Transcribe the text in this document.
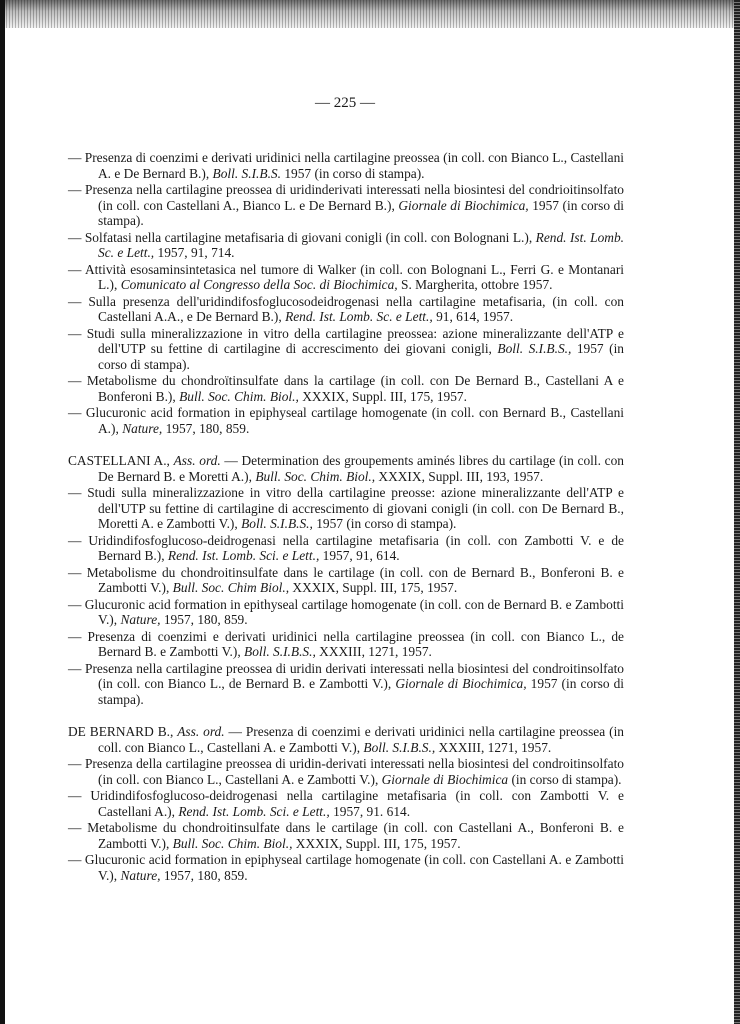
— 225 —

— Presenza di coenzimi e derivati uridinici nella cartilagine preossea (in coll. con Bianco L., Castellani A. e De Bernard B.), Boll. S.I.B.S. 1957 (in corso di stampa).

— Presenza nella cartilagine preossea di uridinderivati interessati nella biosintesi del condrioitinsolfato (in coll. con Castellani A., Bianco L. e De Bernard B.), Giornale di Biochimica, 1957 (in corso di stampa).

— Solfatasi nella cartilagine metafisaria di giovani conigli (in coll. con Bolognani L.), Rend. Ist. Lomb. Sc. e Lett., 1957, 91, 714.

— Attività esosaminsintetasica nel tumore di Walker (in coll. con Bolognani L., Ferri G. e Montanari L.), Comunicato al Congresso della Soc. di Biochimica, S. Margherita, ottobre 1957.

— Sulla presenza dell'uridindifosfoglucosodeidrogenasi nella cartilagine metafisaria, (in coll. con Castellani A.A., e De Bernard B.), Rend. Ist. Lomb. Sc. e Lett., 91, 614, 1957.

— Studi sulla mineralizzazione in vitro della cartilagine preossea: azione mineralizzante dell'ATP e dell'UTP su fettine di cartilagine di accrescimento dei giovani conigli, Boll. S.I.B.S., 1957 (in corso di stampa).

— Metabolisme du chondroïtinsulfate dans la cartilage (in coll. con De Bernard B., Castellani A e Bonferoni B.), Bull. Soc. Chim. Biol., XXXIX, Suppl. III, 175, 1957.

— Glucuronic acid formation in epiphyseal cartilage homogenate (in coll. con Bernard B., Castellani A.), Nature, 1957, 180, 859.

CASTELLANI A., Ass. ord. — Determination des groupements aminés libres du cartilage (in coll. con De Bernard B. e Moretti A.), Bull. Soc. Chim. Biol., XXXIX, Suppl. III, 193, 1957.

— Studi sulla mineralizzazione in vitro della cartilagine preosse: azione mineralizzante dell'ATP e dell'UTP su fettine di cartilagine di accrescimento di giovani conigli (in coll. con De Bernard B., Moretti A. e Zambotti V.), Boll. S.I.B.S., 1957 (in corso di stampa).

— Uridindifosfoglucoso-deidrogenasi nella cartilagine metafisaria (in coll. con Zambotti V. e de Bernard B.), Rend. Ist. Lomb. Sci. e Lett., 1957, 91, 614.

— Metabolisme du chondroitinsulfate dans le cartilage (in coll. con de Bernard B., Bonferoni B. e Zambotti V.), Bull. Soc. Chim Biol., XXXIX, Suppl. III, 175, 1957.

— Glucuronic acid formation in epithyseal cartilage homogenate (in coll. con de Bernard B. e Zambotti V.), Nature, 1957, 180, 859.

— Presenza di coenzimi e derivati uridinici nella cartilagine preossea (in coll. con Bianco L., de Bernard B. e Zambotti V.), Boll. S.I.B.S., XXXIII, 1271, 1957.

— Presenza nella cartilagine preossea di uridin derivati interessati nella biosintesi del condroitinsolfato (in coll. con Bianco L., de Bernard B. e Zambotti V.), Giornale di Biochimica, 1957 (in corso di stampa).

DE BERNARD B., Ass. ord. — Presenza di coenzimi e derivati uridinici nella cartilagine preossea (in coll. con Bianco L., Castellani A. e Zambotti V.), Boll. S.I.B.S., XXXIII, 1271, 1957.

— Presenza della cartilagine preossea di uridin-derivati interessati nella biosintesi del condroitinsolfato (in coll. con Bianco L., Castellani A. e Zambotti V.), Giornale di Biochimica (in corso di stampa).

— Uridindifosfoglucoso-deidrogenasi nella cartilagine metafisaria (in coll. con Zambotti V. e Castellani A.), Rend. Ist. Lomb. Sci. e Lett., 1957, 91. 614.

— Metabolisme du chondroitinsulfate dans le cartilage (in coll. con Castellani A., Bonferoni B. e Zambotti V.), Bull. Soc. Chim. Biol., XXXIX, Suppl. III, 175, 1957.

— Glucuronic acid formation in epiphyseal cartilage homogenate (in coll. con Castellani A. e Zambotti V.), Nature, 1957, 180, 859.
